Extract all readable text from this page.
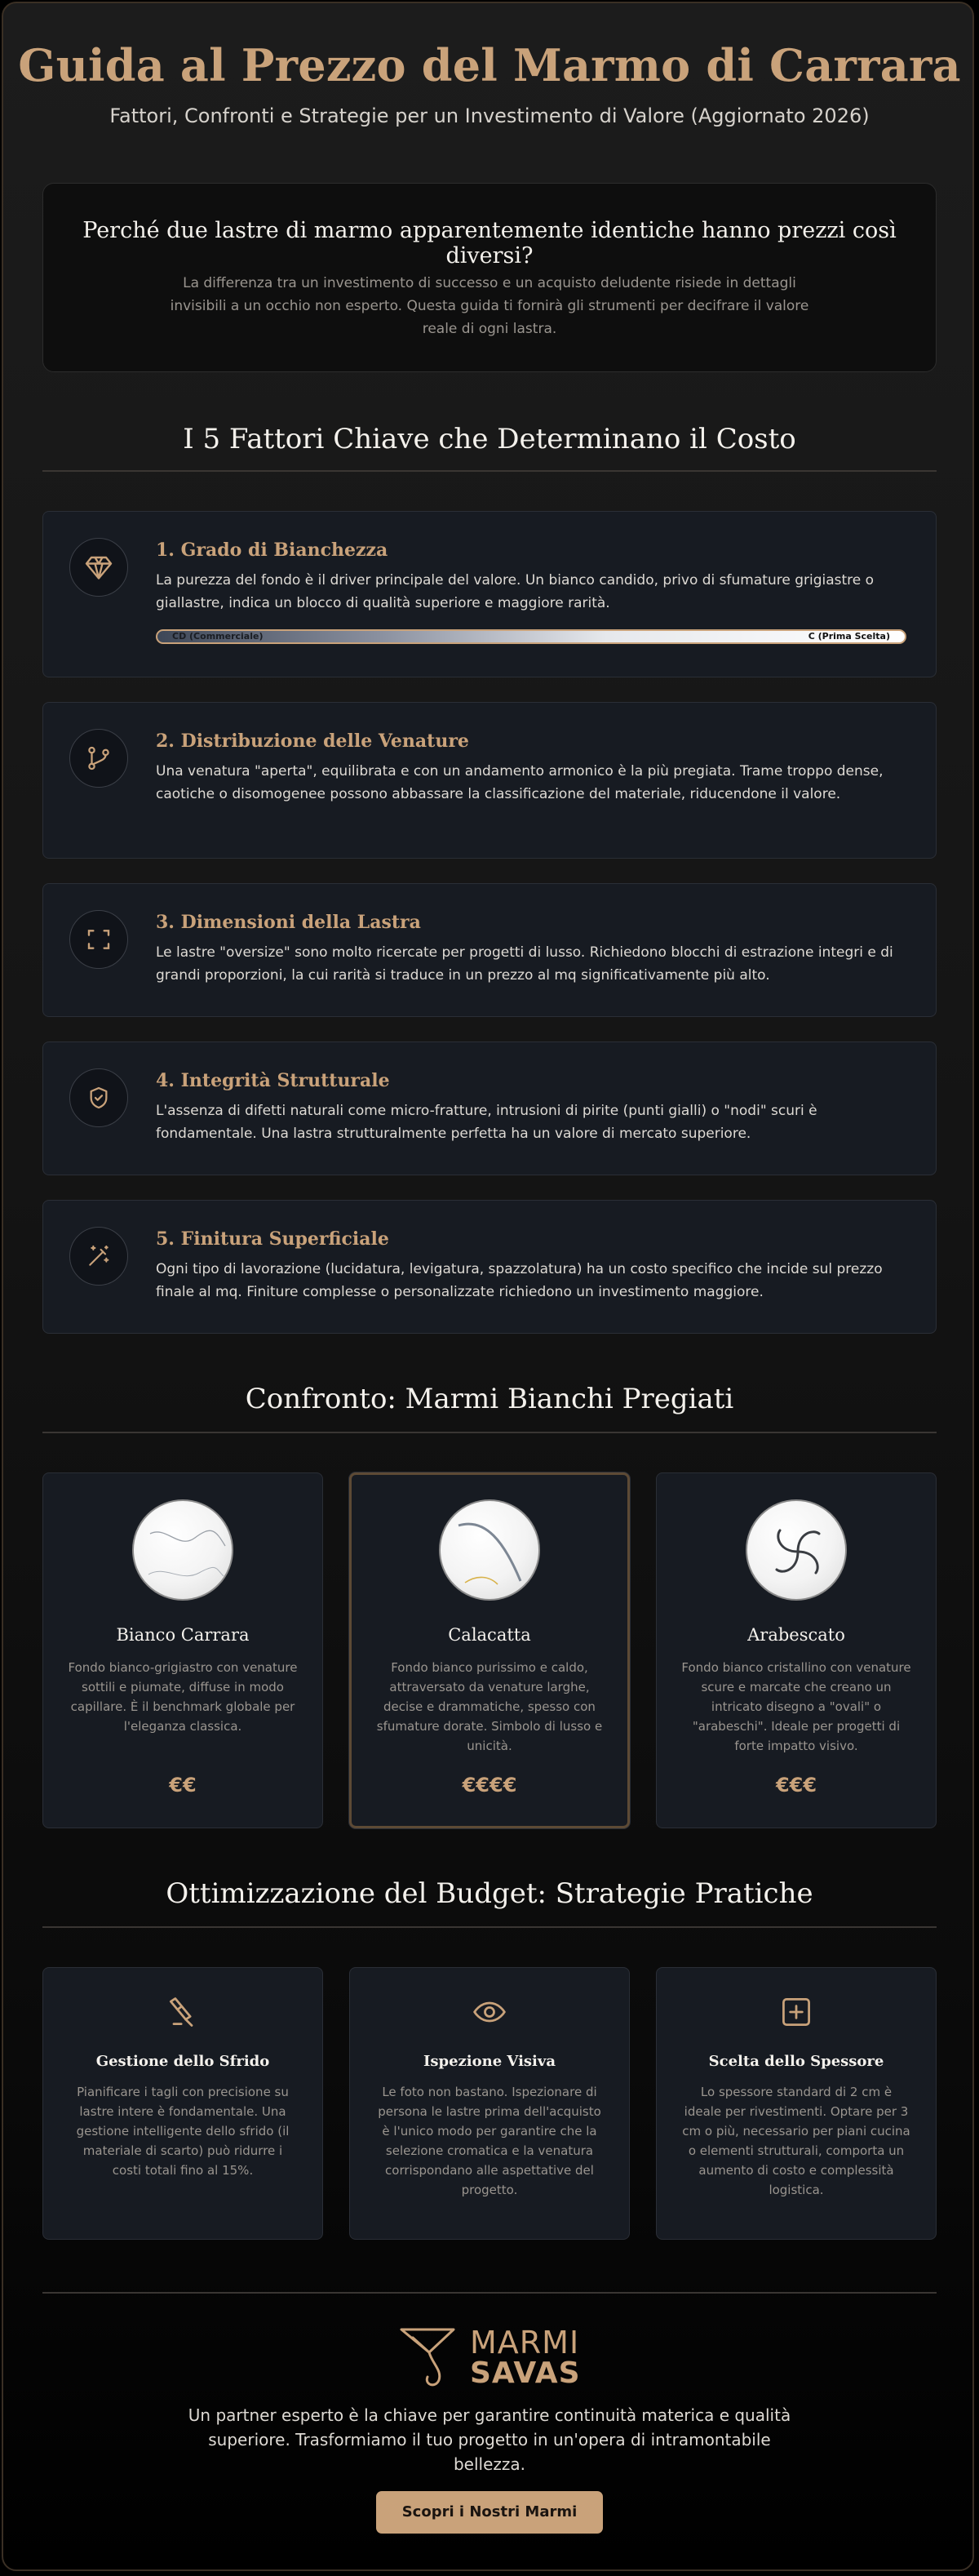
Guida al Prezzo del Marmo di Carrara
Fattori, Confronti e Strategie per un Investimento di Valore (Aggiornato 2026)
Perché due lastre di marmo apparentemente identiche hanno prezzi così diversi?
La differenza tra un investimento di successo e un acquisto deludente risiede in dettagli invisibili a un occhio non esperto. Questa guida ti fornirà gli strumenti per decifrare il valore reale di ogni lastra.
I 5 Fattori Chiave che Determinano il Costo
1. Grado di Bianchezza
La purezza del fondo è il driver principale del valore. Un bianco candido, privo di sfumature grigiastre o giallastre, indica un blocco di qualità superiore e maggiore rarità.
CD (Commerciale)	C (Prima Scelta)
2. Distribuzione delle Venature
Una venatura "aperta", equilibrata e con un andamento armonico è la più pregiata. Trame troppo dense, caotiche o disomogenee possono abbassare la classificazione del materiale, riducendone il valore.
3. Dimensioni della Lastra
Le lastre "oversize" sono molto ricercate per progetti di lusso. Richiedono blocchi di estrazione integri e di grandi proporzioni, la cui rarità si traduce in un prezzo al mq significativamente più alto.
4. Integrità Strutturale
L'assenza di difetti naturali come micro-fratture, intrusioni di pirite (punti gialli) o "nodi" scuri è fondamentale. Una lastra strutturalmente perfetta ha un valore di mercato superiore.
5. Finitura Superficiale
Ogni tipo di lavorazione (lucidatura, levigatura, spazzolatura) ha un costo specifico che incide sul prezzo finale al mq. Finiture complesse o personalizzate richiedono un investimento maggiore.
Confronto: Marmi Bianchi Pregiati
Bianco Carrara
Fondo bianco-grigiastro con venature sottili e piumate, diffuse in modo capillare. È il benchmark globale per l'eleganza classica.
€€
Calacatta
Fondo bianco purissimo e caldo, attraversato da venature larghe, decise e drammatiche, spesso con sfumature dorate. Simbolo di lusso e unicità.
€€€€
Arabescato
Fondo bianco cristallino con venature scure e marcate che creano un intricato disegno a "ovali" o "arabeschi". Ideale per progetti di forte impatto visivo.
€€€
Ottimizzazione del Budget: Strategie Pratiche
Gestione dello Sfrido
Pianificare i tagli con precisione su lastre intere è fondamentale. Una gestione intelligente dello sfrido (il materiale di scarto) può ridurre i costi totali fino al 15%.
Ispezione Visiva
Le foto non bastano. Ispezionare di persona le lastre prima dell'acquisto è l'unico modo per garantire che la selezione cromatica e la venatura corrispondano alle aspettative del progetto.
Scelta dello Spessore
Lo spessore standard di 2 cm è ideale per rivestimenti. Optare per 3 cm o più, necessario per piani cucina o elementi strutturali, comporta un aumento di costo e complessità logistica.
MARMI
SAVAS
Un partner esperto è la chiave per garantire continuità materica e qualità superiore. Trasformiamo il tuo progetto in un'opera di intramontabile bellezza.
Scopri i Nostri Marmi
